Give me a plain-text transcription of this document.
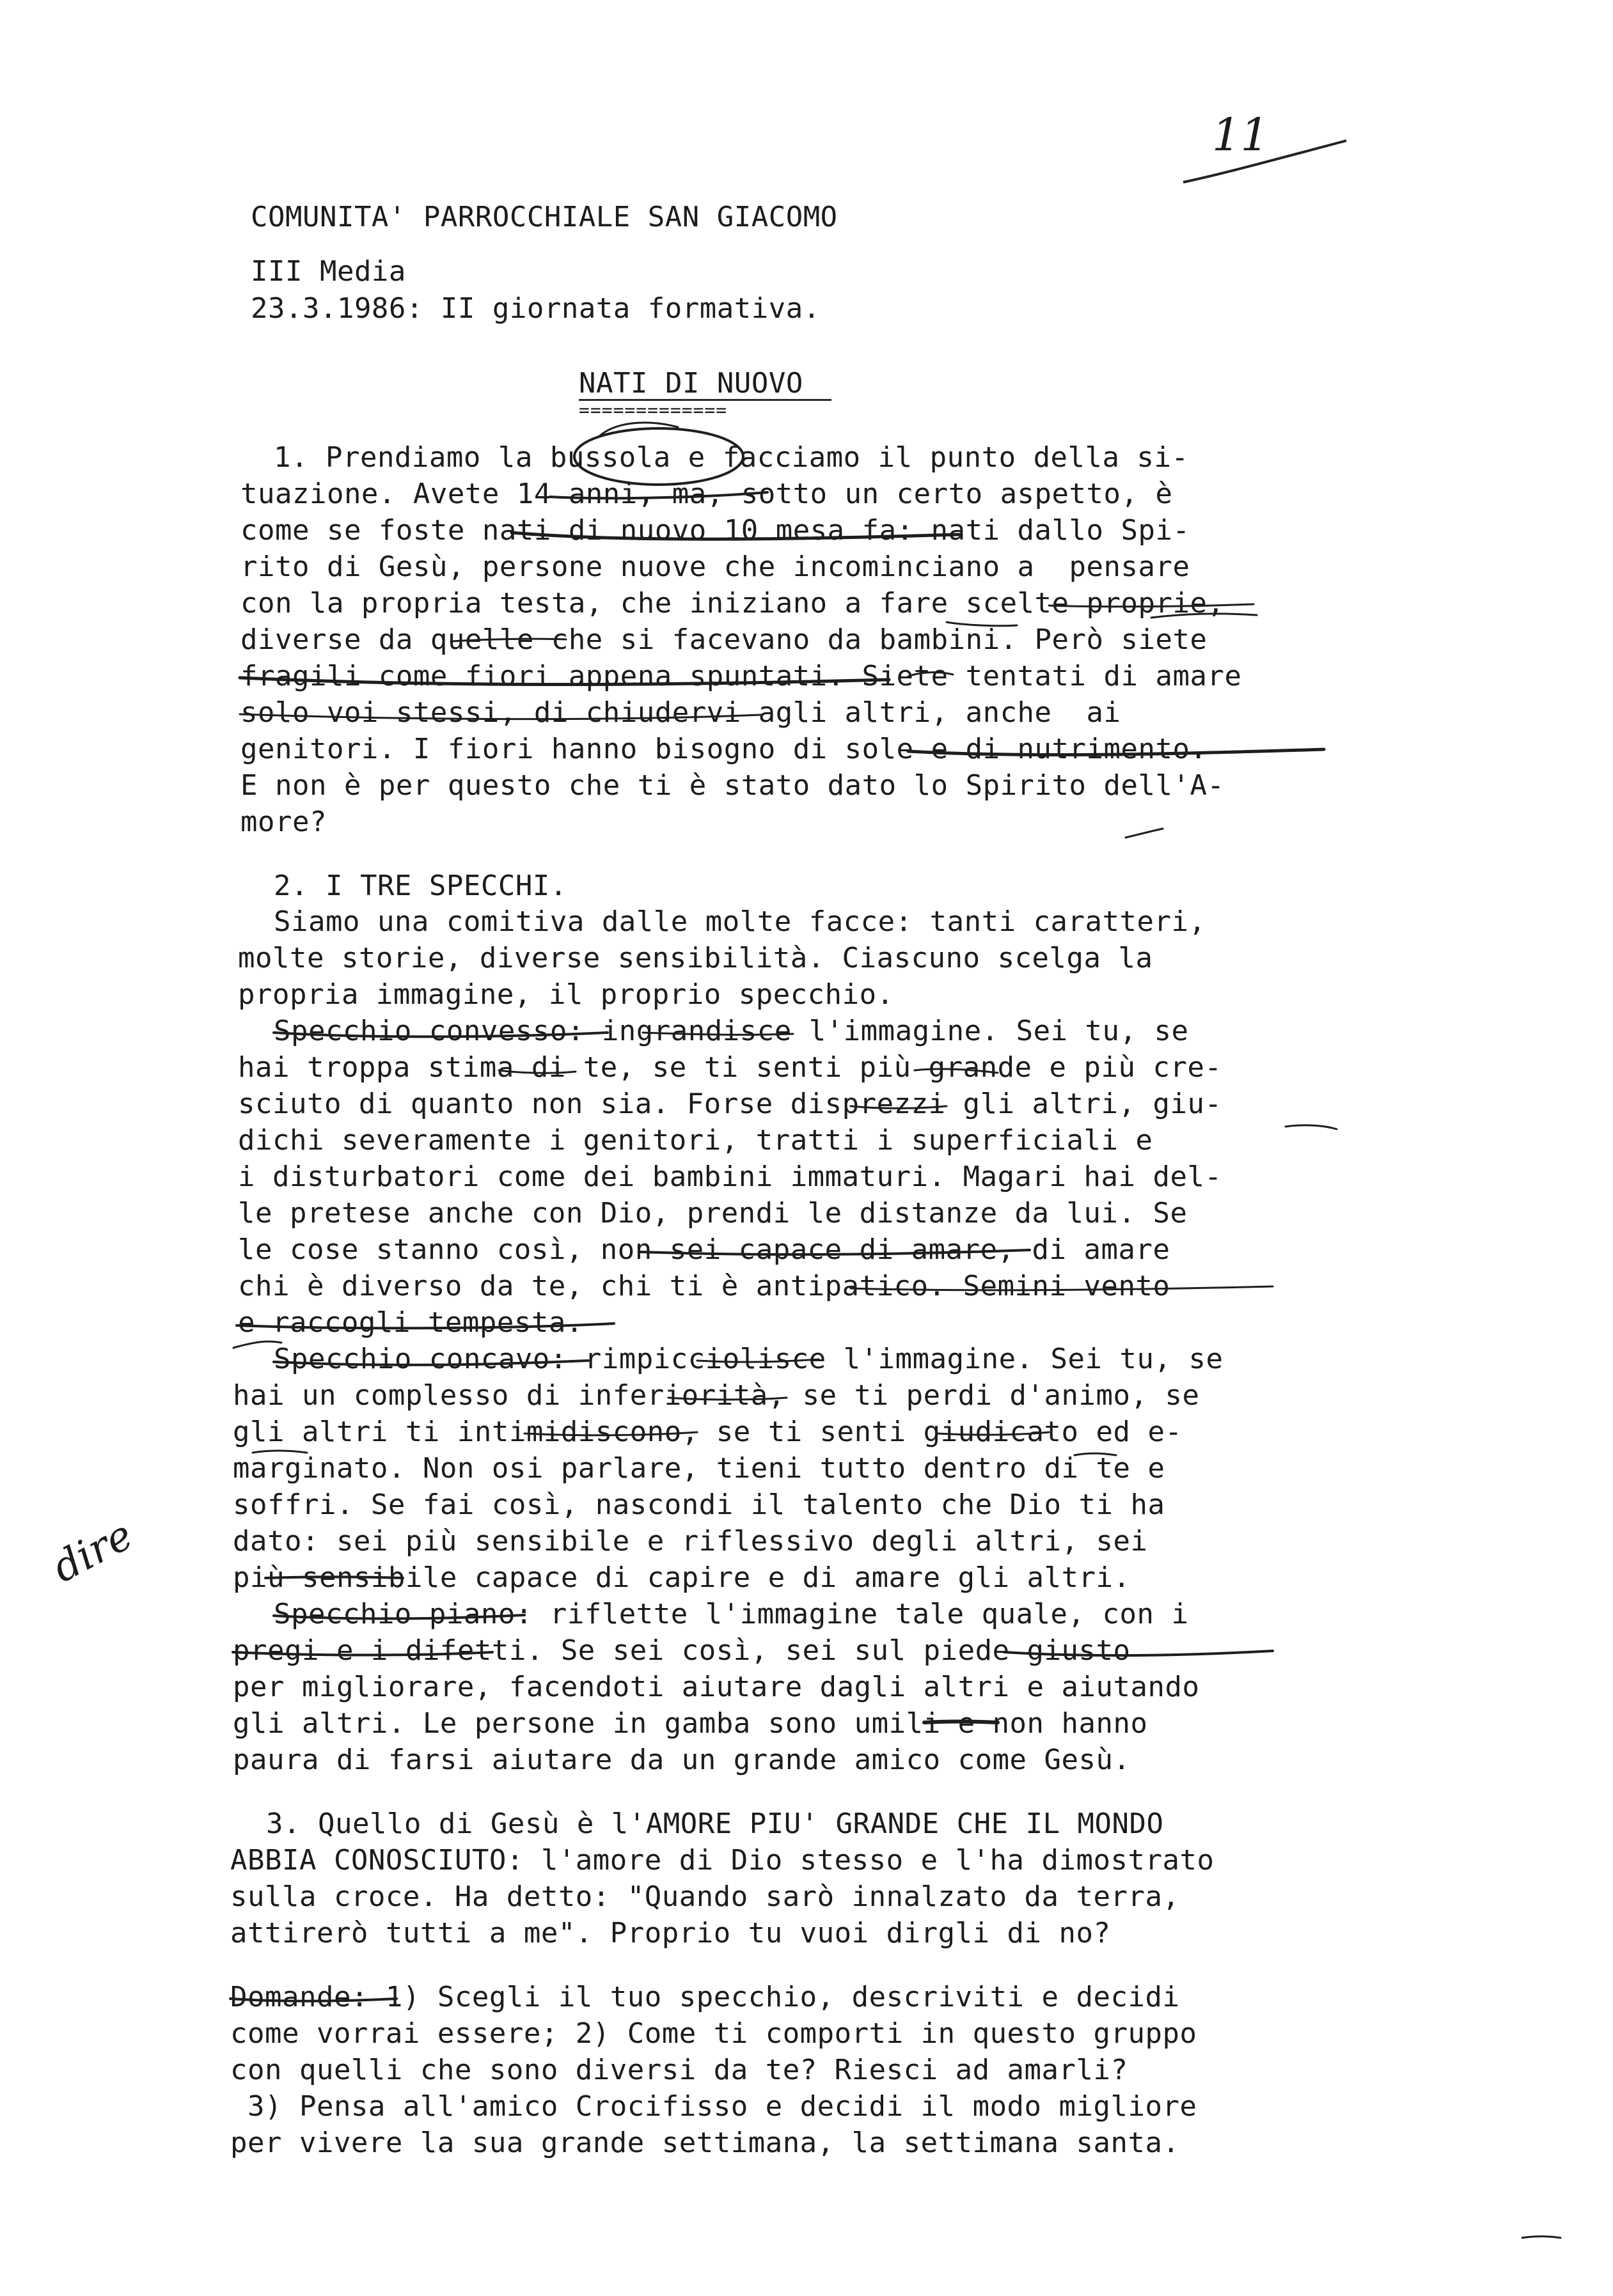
11
COMUNITA' PARROCCHIALE SAN GIACOMO
III Media
23.3.1986: II giornata formativa.
NATI DI NUOVO
=============
1. Prendiamo la bussola e facciamo il punto della si-
tuazione. Avete 14 anni, ma, sotto un certo aspetto, è
come se foste nati di nuovo 10 mesa fa: nati dallo Spi-
rito di Gesù, persone nuove che incominciano a  pensare
con la propria testa, che iniziano a fare scelte proprie,
diverse da quelle che si facevano da bambini. Però siete
fragili come fiori appena spuntati. Siete tentati di amare
solo voi stessi, di chiudervi agli altri, anche  ai
genitori. I fiori hanno bisogno di sole e di nutrimento.
E non è per questo che ti è stato dato lo Spirito dell'A-
more?
2. I TRE SPECCHI.
Siamo una comitiva dalle molte facce: tanti caratteri,
molte storie, diverse sensibilità. Ciascuno scelga la
propria immagine, il proprio specchio.
Specchio convesso: ingrandisce l'immagine. Sei tu, se
hai troppa stima di te, se ti senti più grande e più cre-
sciuto di quanto non sia. Forse disprezzi gli altri, giu-
dichi severamente i genitori, tratti i superficiali e
i disturbatori come dei bambini immaturi. Magari hai del-
le pretese anche con Dio, prendi le distanze da lui. Se
le cose stanno così, non sei capace di amare, di amare
chi è diverso da te, chi ti è antipatico. Semini vento
e raccogli tempesta.
Specchio concavo: rimpicciolisce l'immagine. Sei tu, se
hai un complesso di inferiorità, se ti perdi d'animo, se
gli altri ti intimidiscono, se ti senti giudicato ed e-
marginato. Non osi parlare, tieni tutto dentro di te e
soffri. Se fai così, nascondi il talento che Dio ti ha
dato: sei più sensibile e riflessivo degli altri, sei
più sensibile capace di capire e di amare gli altri.
Specchio piano: riflette l'immagine tale quale, con i
pregi e i difetti. Se sei così, sei sul piede giusto
per migliorare, facendoti aiutare dagli altri e aiutando
gli altri. Le persone in gamba sono umili e non hanno
paura di farsi aiutare da un grande amico come Gesù.
3. Quello di Gesù è l'AMORE PIU' GRANDE CHE IL MONDO
ABBIA CONOSCIUTO: l'amore di Dio stesso e l'ha dimostrato
sulla croce. Ha detto: "Quando sarò innalzato da terra,
attirerò tutti a me". Proprio tu vuoi dirgli di no?
Domande: 1) Scegli il tuo specchio, descriviti e decidi
come vorrai essere; 2) Come ti comporti in questo gruppo
con quelli che sono diversi da te? Riesci ad amarli?
3) Pensa all'amico Crocifisso e decidi il modo migliore
per vivere la sua grande settimana, la settimana santa.
dire
